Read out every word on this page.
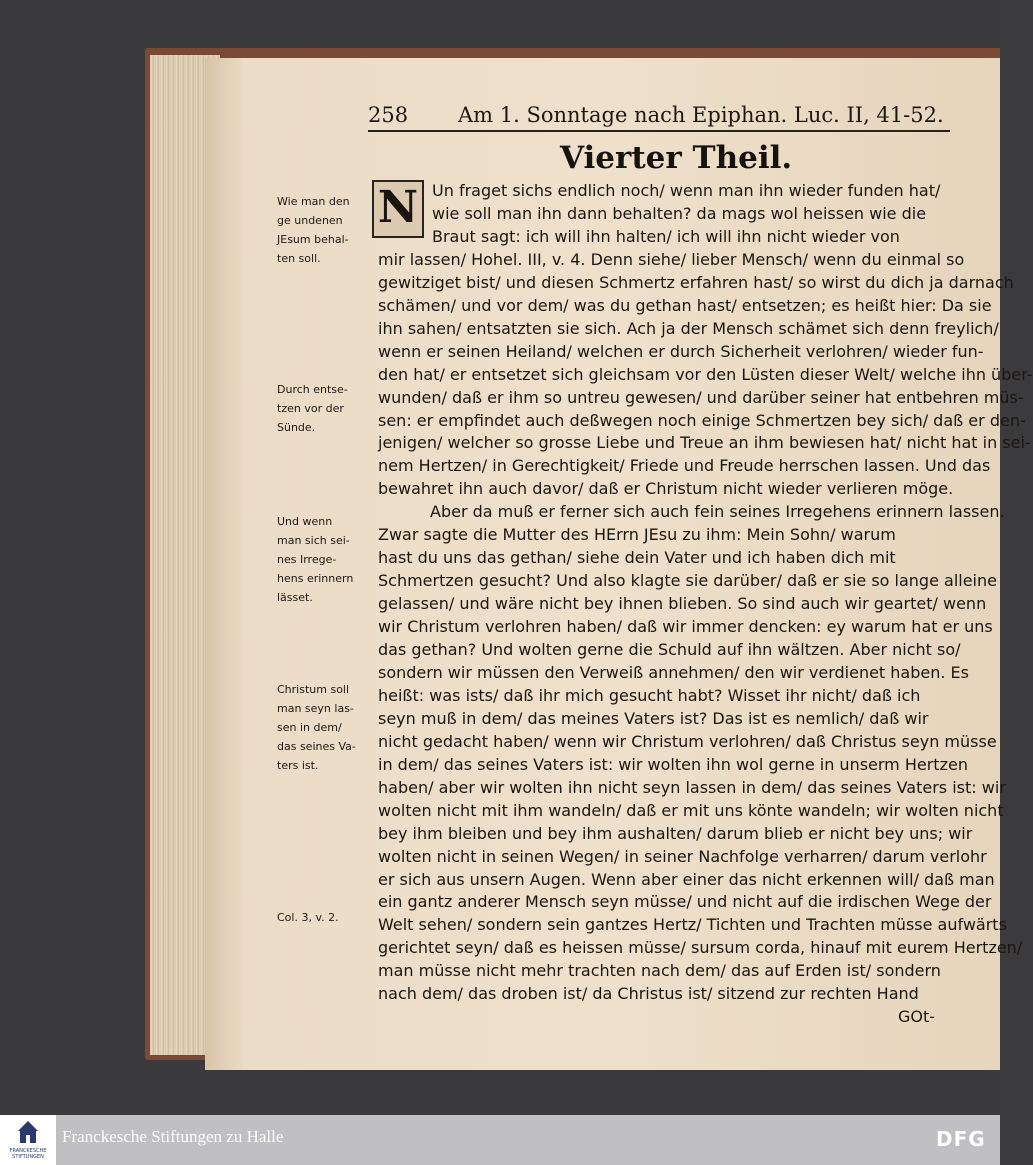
258 Am 1. Sonntage nach Epiphan. Luc. II, 41-52.
Vierter Theil.
N Un fraget sichs endlich noch/ wenn man ihn wieder funden hat/
wie soll man ihn dann behalten? da mags wol heissen wie die
Braut sagt: ich will ihn halten/ ich will ihn nicht wieder von
mir lassen/ Hohel. III, v. 4. Denn siehe/ lieber Mensch/ wenn du einmal so
gewitziget bist/ und diesen Schmertz erfahren hast/ so wirst du dich ja darnach
schämen/ und vor dem/ was du gethan hast/ entsetzen; es heißt hier: Da sie
ihn sahen/ entsatzten sie sich. Ach ja der Mensch schämet sich denn freylich/
wenn er seinen Heiland/ welchen er durch Sicherheit verlohren/ wieder fun-
den hat/ er entsetzet sich gleichsam vor den Lüsten dieser Welt/ welche ihn über-
wunden/ daß er ihm so untreu gewesen/ und darüber seiner hat entbehren müs-
sen: er empfindet auch deßwegen noch einige Schmertzen bey sich/ daß er den-
jenigen/ welcher so grosse Liebe und Treue an ihm bewiesen hat/ nicht hat in sei-
nem Hertzen/ in Gerechtigkeit/ Friede und Freude herrschen lassen. Und das
bewahret ihn auch davor/ daß er Christum nicht wieder verlieren möge.
Aber da muß er ferner sich auch fein seines Irregehens erinnern lassen.
Zwar sagte die Mutter des HErrn JEsu zu ihm: Mein Sohn/ warum
hast du uns das gethan/ siehe dein Vater und ich haben dich mit
Schmertzen gesucht? Und also klagte sie darüber/ daß er sie so lange alleine
gelassen/ und wäre nicht bey ihnen blieben. So sind auch wir geartet/ wenn
wir Christum verlohren haben/ daß wir immer dencken: ey warum hat er uns
das gethan? Und wolten gerne die Schuld auf ihn wältzen. Aber nicht so/
sondern wir müssen den Verweiß annehmen/ den wir verdienet haben. Es
heißt: was ists/ daß ihr mich gesucht habt? Wisset ihr nicht/ daß ich
seyn muß in dem/ das meines Vaters ist? Das ist es nemlich/ daß wir
nicht gedacht haben/ wenn wir Christum verlohren/ daß Christus seyn müsse
in dem/ das seines Vaters ist: wir wolten ihn wol gerne in unserm Hertzen
haben/ aber wir wolten ihn nicht seyn lassen in dem/ das seines Vaters ist: wir
wolten nicht mit ihm wandeln/ daß er mit uns könte wandeln; wir wolten nicht
bey ihm bleiben und bey ihm aushalten/ darum blieb er nicht bey uns; wir
wolten nicht in seinen Wegen/ in seiner Nachfolge verharren/ darum verlohr
er sich aus unsern Augen. Wenn aber einer das nicht erkennen will/ daß man
ein gantz anderer Mensch seyn müsse/ und nicht auf die irdischen Wege der
Welt sehen/ sondern sein gantzes Hertz/ Tichten und Trachten müsse aufwärts
gerichtet seyn/ daß es heissen müsse/ sursum corda, hinauf mit eurem Hertzen/
man müsse nicht mehr trachten nach dem/ das auf Erden ist/ sondern
nach dem/ das droben ist/ da Christus ist/ sitzend zur rechten Hand
GOt-
Wie man den
ge undenen
JEsum behal-
ten soll.
Durch entse-
tzen vor der
Sünde.
Und wenn
man sich sei-
nes Irrege-
hens erinnern
lässet.
Christum soll
man seyn las-
sen in dem/
das seines Va-
ters ist.
Col. 3, v. 2.
FRANCKESCHE STIFTUNGEN
Franckesche Stiftungen zu Halle	DFG
